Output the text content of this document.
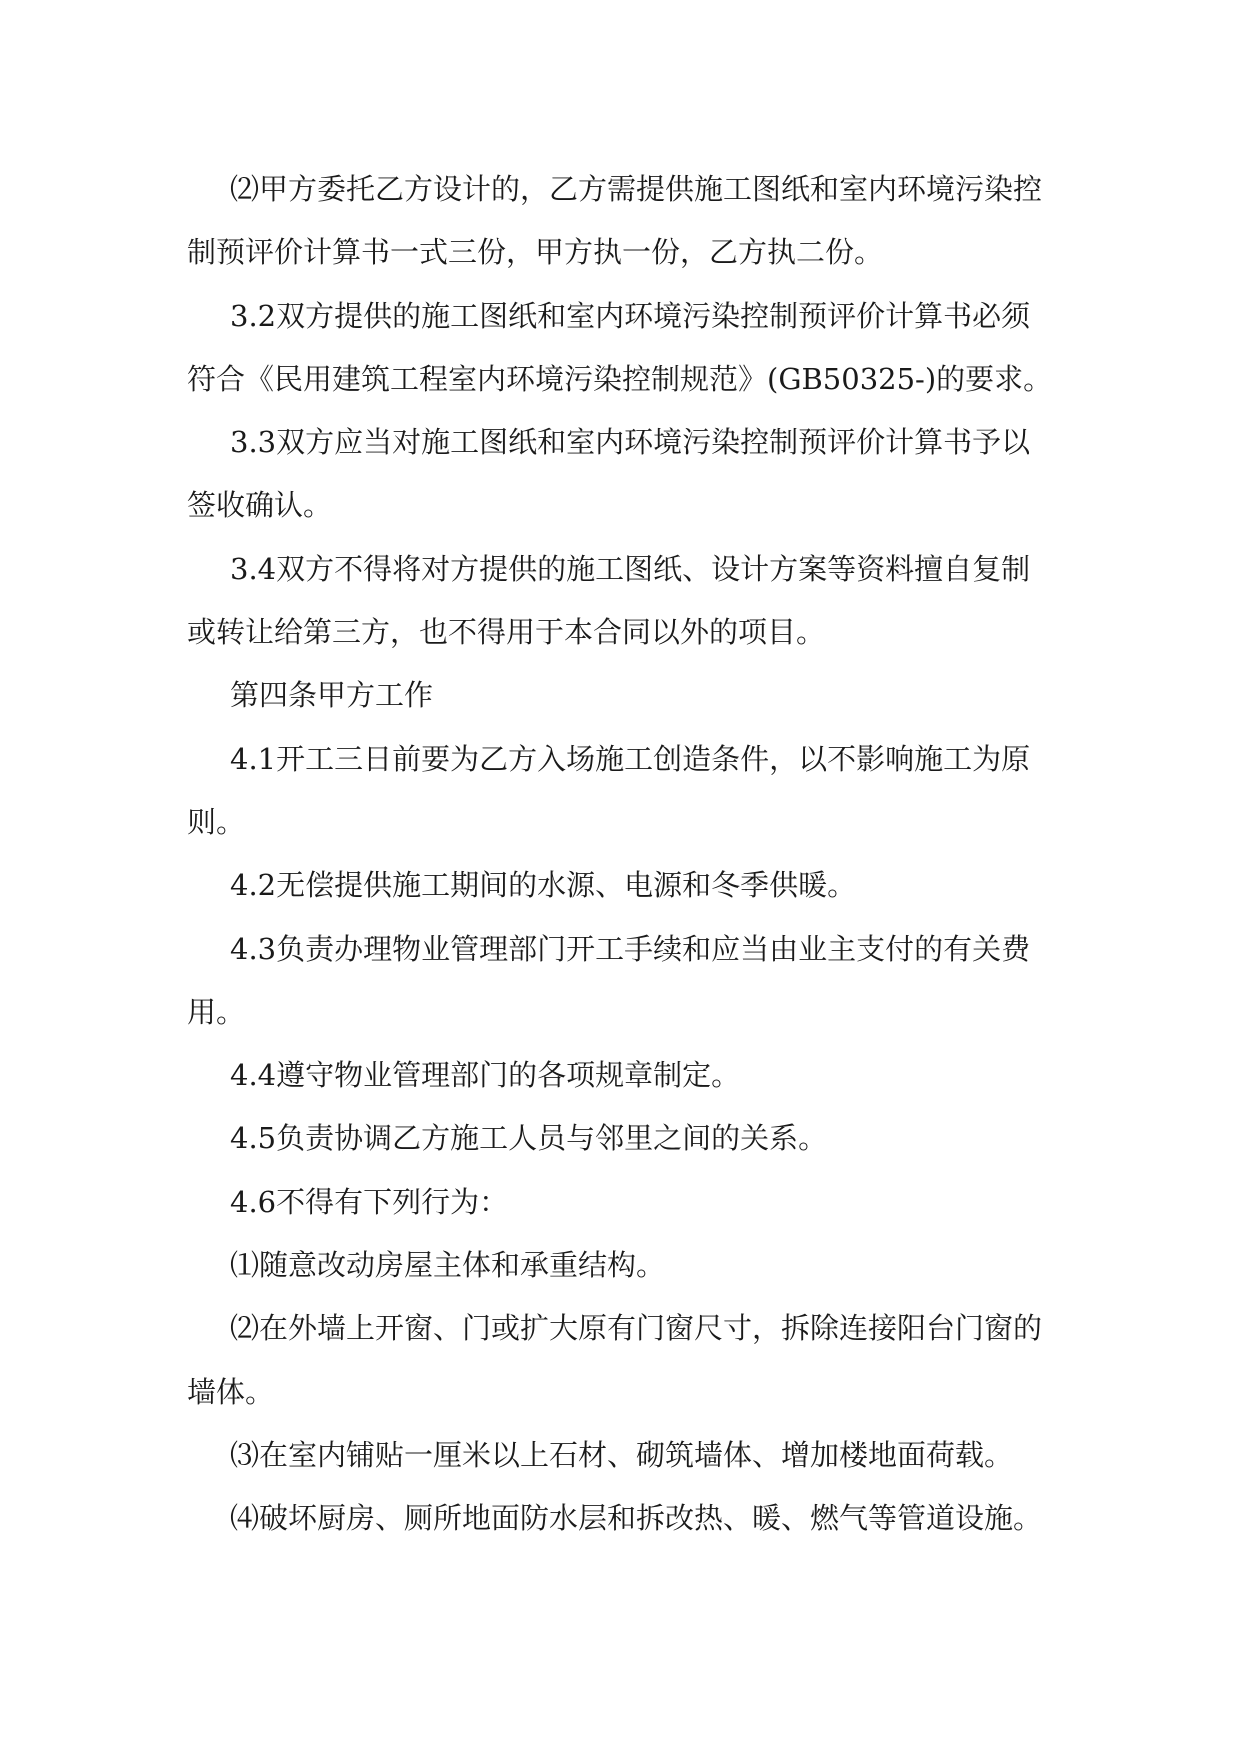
⑵甲方委托乙方设计的，乙方需提供施工图纸和室内环境污染控
制预评价计算书一式三份，甲方执一份，乙方执二份。

3.2双方提供的施工图纸和室内环境污染控制预评价计算书必须
符合《民用建筑工程室内环境污染控制规范》(GB50325-)的要求。

3.3双方应当对施工图纸和室内环境污染控制预评价计算书予以
签收确认。

3.4双方不得将对方提供的施工图纸、设计方案等资料擅自复制
或转让给第三方，也不得用于本合同以外的项目。

第四条甲方工作

4.1开工三日前要为乙方入场施工创造条件，以不影响施工为原
则。

4.2无偿提供施工期间的水源、电源和冬季供暖。

4.3负责办理物业管理部门开工手续和应当由业主支付的有关费
用。

4.4遵守物业管理部门的各项规章制定。

4.5负责协调乙方施工人员与邻里之间的关系。

4.6不得有下列行为：

⑴随意改动房屋主体和承重结构。

⑵在外墙上开窗、门或扩大原有门窗尺寸，拆除连接阳台门窗的
墙体。

⑶在室内铺贴一厘米以上石材、砌筑墙体、增加楼地面荷载。

⑷破坏厨房、厕所地面防水层和拆改热、暖、燃气等管道设施。
